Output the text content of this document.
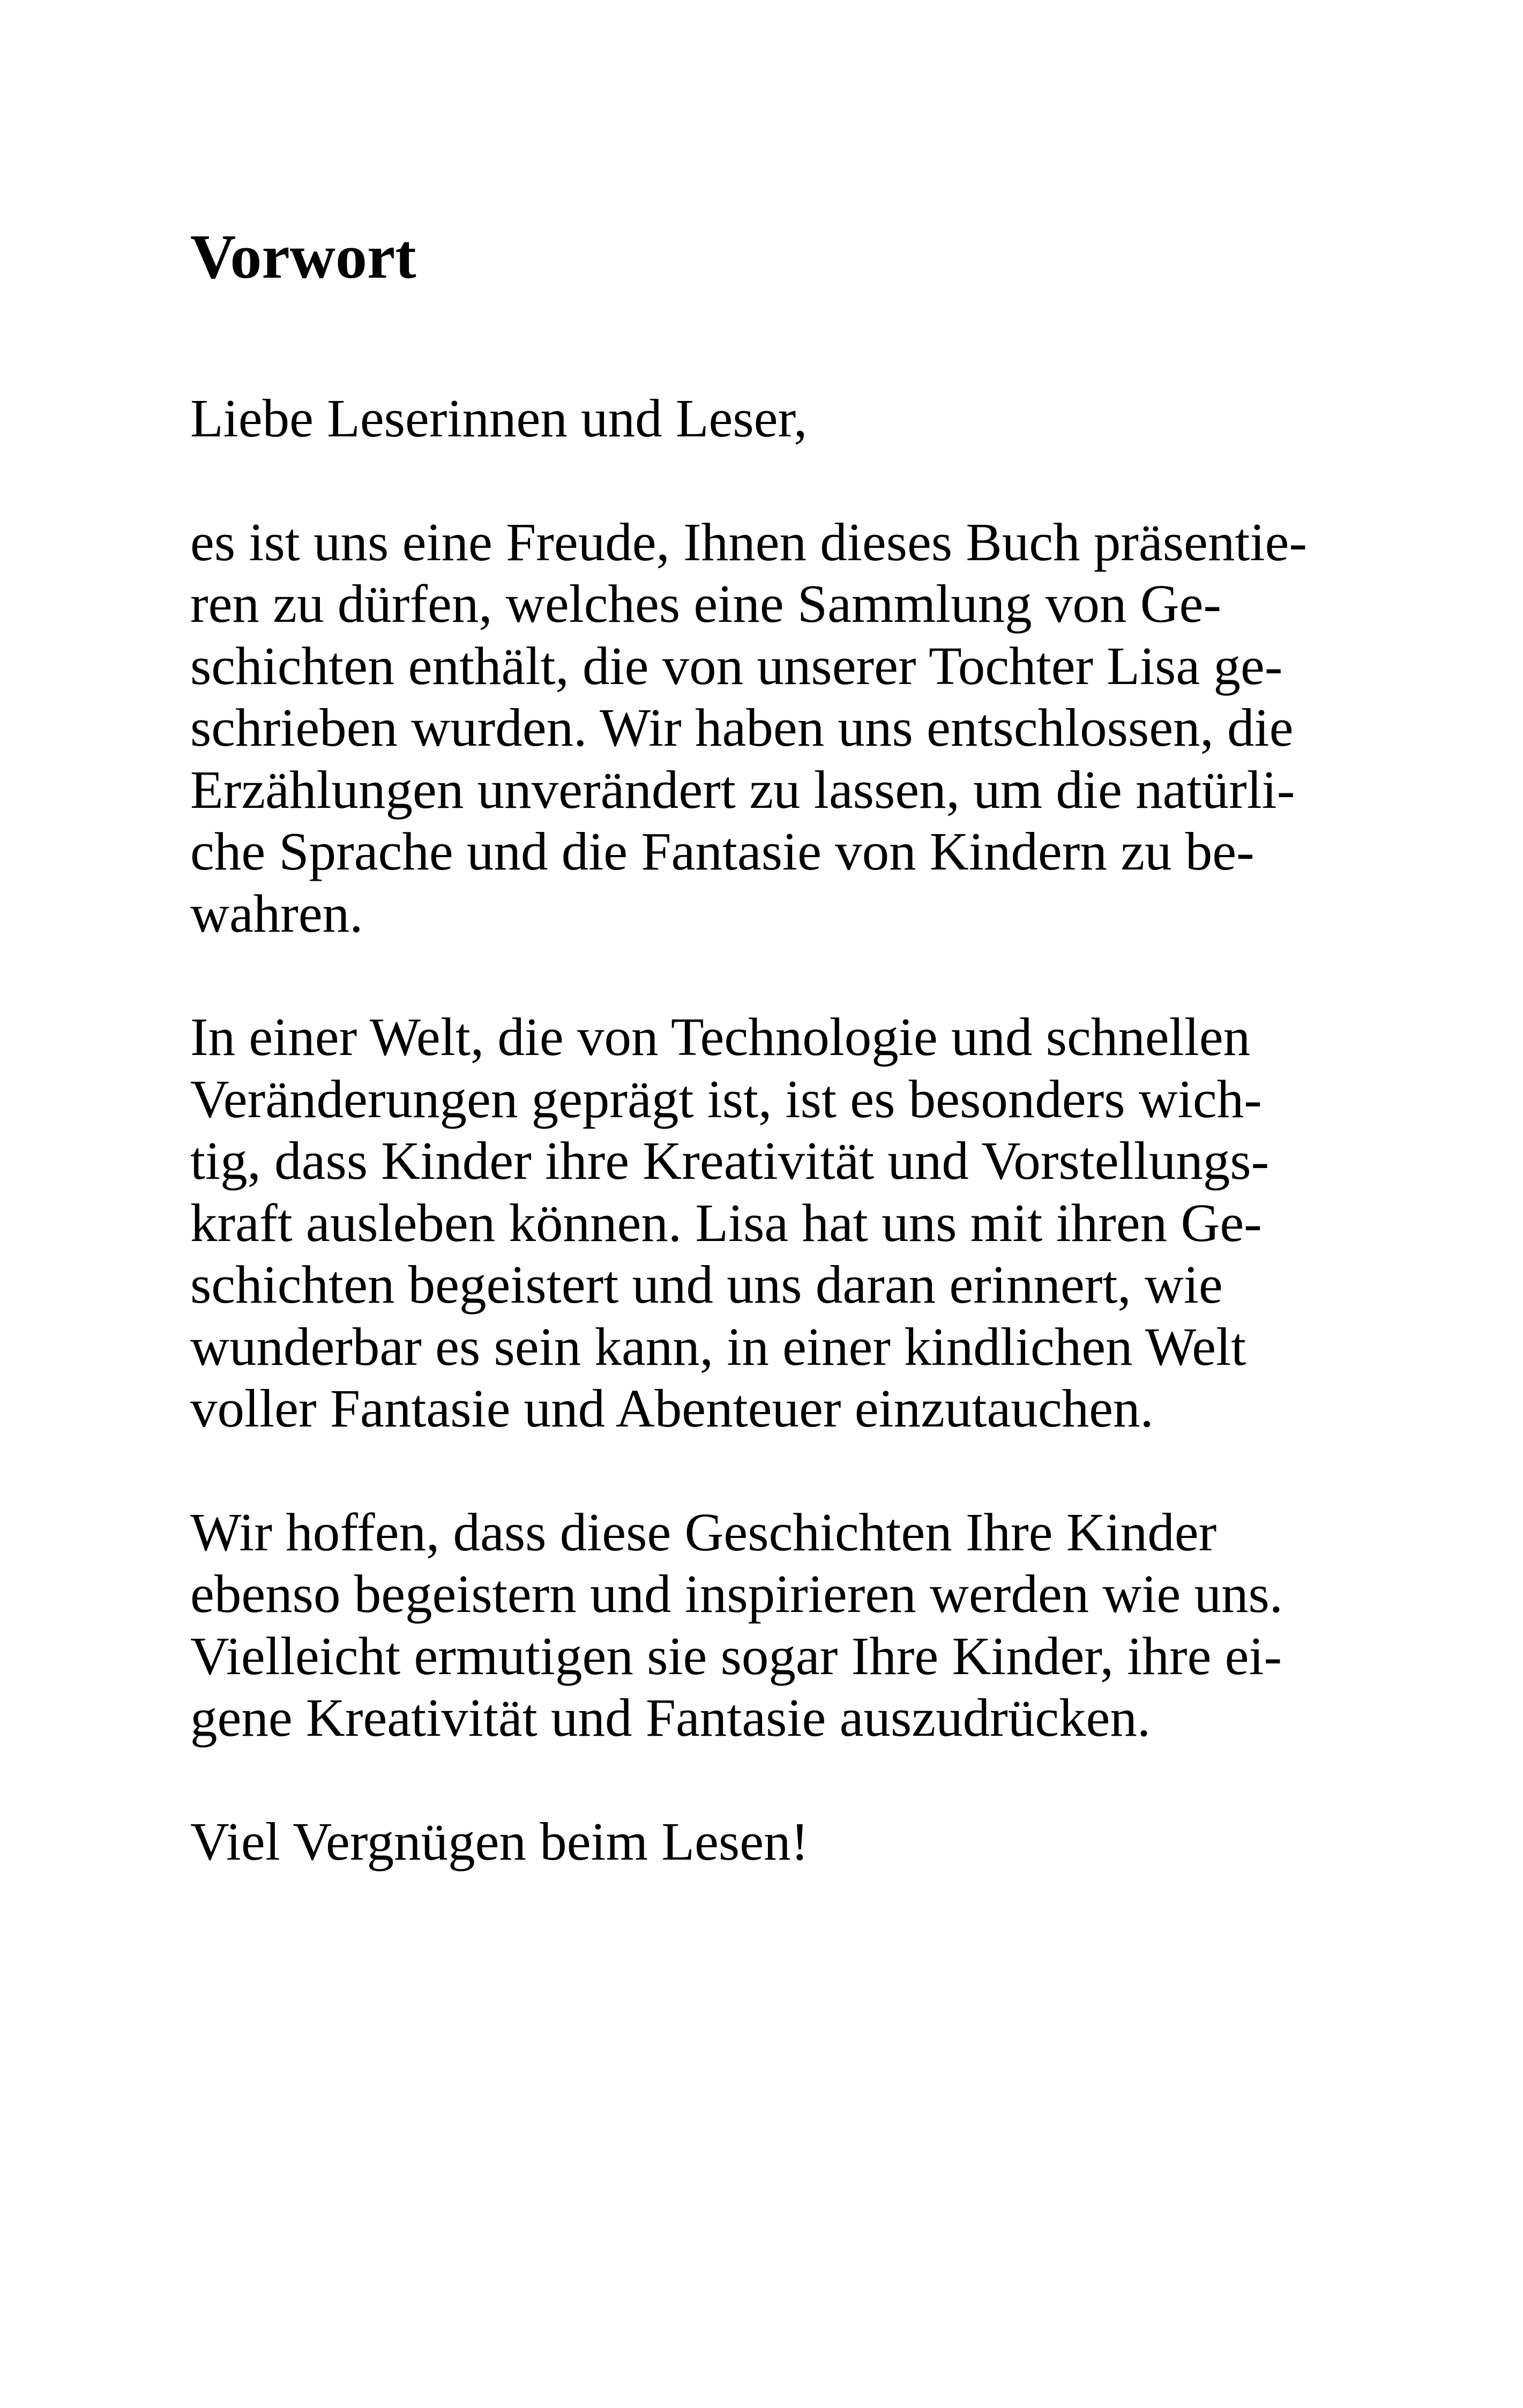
Vorwort
Liebe Leserinnen und Leser,
es ist uns eine Freude, Ihnen dieses Buch präsentie-
ren zu dürfen, welches eine Sammlung von Ge-
schichten enthält, die von unserer Tochter Lisa ge-
schrieben wurden. Wir haben uns entschlossen, die
Erzählungen unverändert zu lassen, um die natürli-
che Sprache und die Fantasie von Kindern zu be-
wahren.
In einer Welt, die von Technologie und schnellen
Veränderungen geprägt ist, ist es besonders wich-
tig, dass Kinder ihre Kreativität und Vorstellungs-
kraft ausleben können. Lisa hat uns mit ihren Ge-
schichten begeistert und uns daran erinnert, wie
wunderbar es sein kann, in einer kindlichen Welt
voller Fantasie und Abenteuer einzutauchen.
Wir hoffen, dass diese Geschichten Ihre Kinder
ebenso begeistern und inspirieren werden wie uns.
Vielleicht ermutigen sie sogar Ihre Kinder, ihre ei-
gene Kreativität und Fantasie auszudrücken.
Viel Vergnügen beim Lesen!
